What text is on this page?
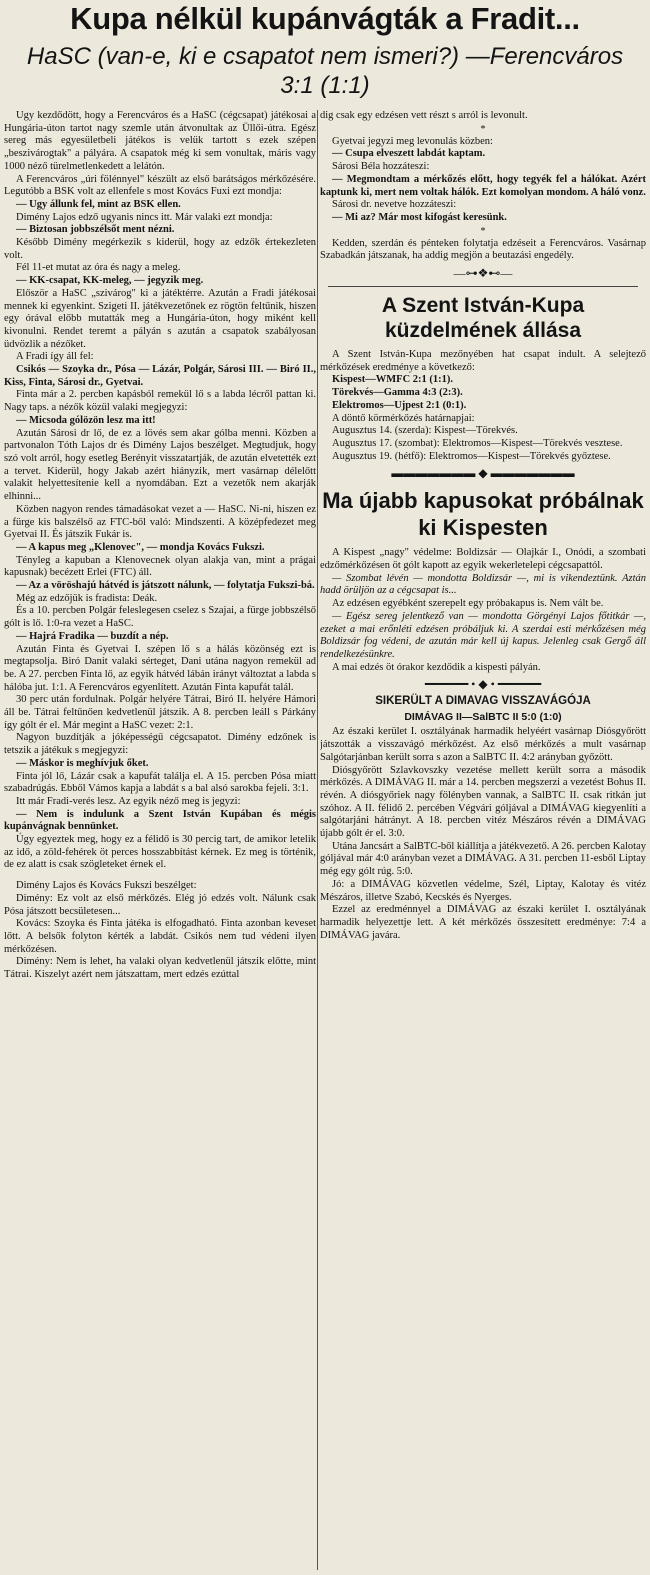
Kupa nélkül kupánvágták a Fradit...
HaSC (van-e, ki e csapatot nem ismeri?) —Ferencváros 3:1 (1:1)

Ugy kezdődött, hogy a Ferencváros és a HaSC (cégcsapat) játékosai a Hungária-úton tartot nagy szemle után átvonultak az Üllői-útra. Egész sereg más egyesületbeli játékos is velük tartott s ezek szépen „beszivárogtak" a pályára. A csapatok még ki sem vonultak, máris vagy 1000 néző türelmetlenkedett a lelátón.

A Ferencváros „úri fölénnyel" készült az első barátságos mérkőzésére. Legutóbb a BSK volt az ellenfele s most Kovács Fuxi ezt mondja:

— Ugy állunk fel, mint az BSK ellen.

Dimény Lajos edző ugyanis nincs itt. Már valaki ezt mondja:

— Biztosan jobbszélsőt ment nézni.

Később Dimény megérkezik s kiderül, hogy az edzők értekezleten volt.

Fél 11-et mutat az óra és nagy a meleg.

— KK-csapat, KK-meleg, — jegyzik meg.

Először a HaSC „szivárog" ki a játéktérre. Azután a Fradi játékosai mennek ki egyenkint. Szigeti II. játékvezetőnek ez rögtön feltűnik, hiszen egy órával előbb mutatták meg a Hungária-úton, hogy miként kell kivonulni. Rendet teremt a pályán s azután a csapatok szabályosan üdvözlik a nézőket.

A Fradi így áll fel:

Csikós — Szoyka dr., Pósa — Lázár, Polgár, Sárosi III. — Biró II., Kiss, Finta, Sárosi dr., Gyetvai.

Finta már a 2. percben kapásból remekül lő s a labda lécről pattan ki. Nagy taps. a nézők közül valaki megjegyzi:

— Micsoda gólözön lesz ma itt!

Azután Sárosi dr lő, de ez a lövés sem akar gólba menni. Közben a partvonalon Tóth Lajos dr és Dimény Lajos beszélget. Megtudjuk, hogy szó volt arról, hogy esetleg Berényit visszatartják, de azután elvetették ezt a tervet. Kiderül, hogy Jakab azért hiányzik, mert vasárnap délelőtt valakit helyettesítenie kell a nyomdában. Ezt a vezetők nem akarják elhinni...

Közben nagyon rendes támadásokat vezet a — HaSC. Ni-ni, hiszen ez a fürge kis balszélső az FTC-ből való: Mindszenti. A középfedezet meg Gyetvai II. És játszik Fukár is.

— A kapus meg „Klenovec", — mondja Kovács Fukszi.

Tényleg a kapuban a Klenovecnek olyan alakja van, mint a prágai kapusnak) becézett Erlei (FTC) áll.

— Az a vöröshajú hátvéd is játszott nálunk, — folytatja Fukszi-bá.

Még az edzőjük is fradista: Deák.

És a 10. percben Polgár feleslegesen cselez s Szajai, a fürge jobbszélső gólt is lő. 1:0-ra vezet a HaSC.

— Hajrá Fradika — buzdít a nép.

Azután Finta és Gyetvai I. szépen lő s a hálás közönség ezt is megtapsolja. Biró Danit valaki sérteget, Dani utána nagyon remekül ad be. A 27. percben Finta lő, az egyik hátvéd lábán irányt változtat a labda s hálóba jut. 1:1. A Ferencváros egyenlített. Azután Finta kapufát talál.

30 perc után fordulnak. Polgár helyére Tátrai, Biró II. helyére Hámori áll be. Tátrai feltűnően kedvetlenül játszik. A 8. percben leáll s Párkány így gólt ér el. Már megint a HaSC vezet: 2:1.

Nagyon buzdítják a jóképességű cégcsapatot. Dimény edzőnek is tetszik a játékuk s megjegyzi:

— Máskor is meghívjuk őket.

Finta jól lő, Lázár csak a kapufát találja el. A 15. percben Pósa miatt szabadrúgás. Ebből Vámos kapja a labdát s a bal alsó sarokba fejeli. 3:1.

Itt már Fradi-verés lesz. Az egyik néző meg is jegyzi:

— Nem is indulunk a Szent István Kupában és mégis kupánvágnak bennünket.

Úgy egyeztek meg, hogy ez a félidő is 30 percig tart, de amikor letelik az idő, a zöld-fehérek öt perces hosszabbítást kérnek. Ez meg is történik, de ez alatt is csak szögleteket érnek el.

Dimény Lajos és Kovács Fukszi beszélget:

Dimény: Ez volt az első mérkőzés. Elég jó edzés volt. Nálunk csak Pósa játszott becsületesen...

Kovács: Szoyka és Finta játéka is elfogadható. Finta azonban keveset lőtt. A belsők folyton kérték a labdát. Csikós nem tud védeni ilyen mérkőzésen.

Dimény: Nem is lehet, ha valaki olyan kedvetlenül játszik előtte, mint Tátrai. Kiszelyt azért nem játszattam, mert edzés ezúttal

dig csak egy edzésen vett részt s arról is levonult.

*

Gyetvai jegyzi meg levonulás közben:

— Csupa elveszett labdát kaptam.

Sárosi Béla hozzáteszi:

— Megmondtam a mérkőzés előtt, hogy tegyék fel a hálókat. Azért kaptunk ki, mert nem voltak hálók. Ezt komolyan mondom. A háló vonz.

Sárosi dr. nevetve hozzáteszi:

— Mi az? Már most kifogást keresünk.

*

Kedden, szerdán és pénteken folytatja edzéseit a Ferencváros. Vasárnap Szabadkán játszanak, ha addig megjön a beutazási engedély.

—⊶❖⊷—
A Szent István-Kupa küzdelmének állása

A Szent István-Kupa mezőnyében hat csapat indult. A selejtező mérkőzések eredménye a következő:

Kispest—WMFC 2:1 (1:1).

Törekvés—Gamma 4:3 (2:3).

Elektromos—Ujpest 2:1 (0:1).

A döntő körmérkőzés határnapjai:

Augusztus 14. (szerda): Kispest—Törekvés.

Augusztus 17. (szombat): Elektromos—Kispest—Törekvés vesztese.

Augusztus 19. (hétfő): Elektromos—Kispest—Törekvés győztese.

▬▬▬▬▬▬▬ ◆ ▬▬▬▬▬▬▬
Ma újabb kapusokat próbálnak ki Kispesten

A Kispest „nagy" védelme: Boldizsár — Olajkár I., Onódi, a szombati edzőmérkőzésen öt gólt kapott az egyik wekerletelepi cégcsapattól.

— Szombat lévén — mondotta Boldizsár —, mi is vikendeztünk. Aztán hadd örüljön az a cégcsapat is...

Az edzésen egyébként szerepelt egy próbakapus is. Nem vált be.

— Egész sereg jelentkező van — mondotta Görgényi Lajos főtitkár —, ezeket a mai erőnléti edzésen próbáljuk ki. A szerdai esti mérkőzésen még Boldizsár fog védeni, de azután már kell új kapus. Jelenleg csak Gergő áll rendelkezésünkre.

A mai edzés öt órakor kezdődik a kispesti pályán.

━━━━━━ • ◆ • ━━━━━━
SIKERÜLT A DIMAVAG VISSZAVÁGÓJA
DIMÁVAG II—SalBTC II 5:0 (1:0)

Az északi kerület I. osztályának harmadik helyéért vasárnap Diósgyőrött játszották a visszavágó mérkőzést. Az első mérkőzés a mult vasárnap Salgótarjánban került sorra s azon a SalBTC II. 4:2 arányban győzött.

Diósgyőrött Szlavkovszky vezetése mellett került sorra a második mérkőzés. A DIMÁVAG II. már a 14. percben megszerzi a vezetést Bohus II. révén. A diósgyőriek nagy fölényben vannak, a SalBTC II. csak ritkán jut szóhoz. A II. félidő 2. percében Végvári góljával a DIMÁVAG kiegyenlíti a salgótarjáni hátrányt. A 18. percben vitéz Mészáros révén a DIMÁVAG újabb gólt ér el. 3:0.

Utána Jancsárt a SalBTC-ből kiállítja a játékvezető. A 26. percben Kalotay góljával már 4:0 arányban vezet a DIMÁVAG. A 31. percben 11-esből Liptay még egy gólt rúg. 5:0.

Jó: a DIMÁVAG közvetlen védelme, Szél, Liptay, Kalotay és vitéz Mészáros, illetve Szabó, Kecskés és Nyerges.

Ezzel az eredménnyel a DIMÁVAG az északi kerület I. osztályának harmadik helyezettje lett. A két mérkőzés összesített eredménye: 7:4 a DIMÁVAG javára.
